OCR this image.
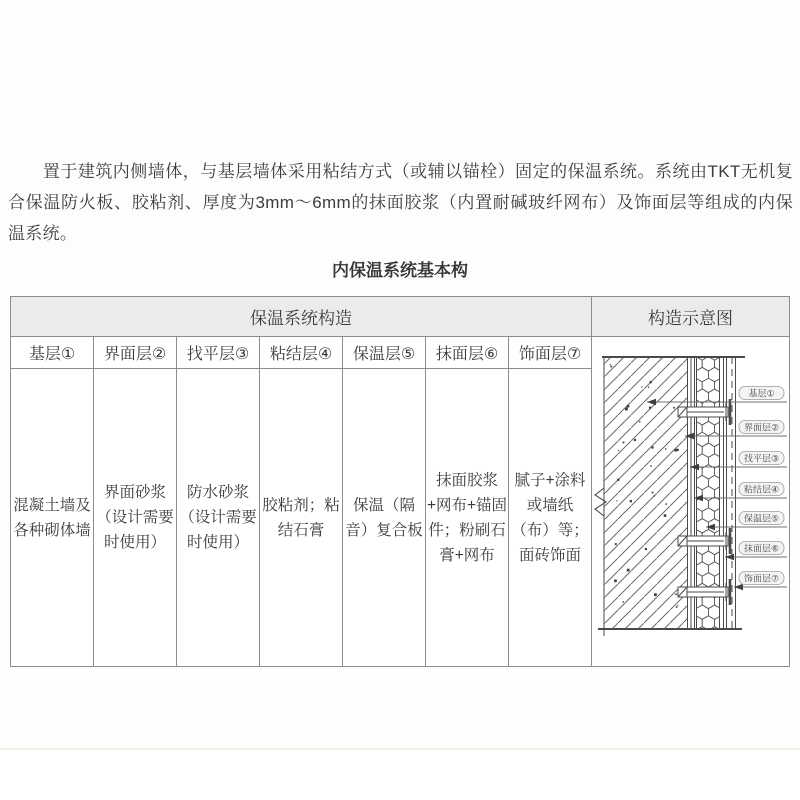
置于建筑内侧墙体，与基层墙体采用粘结方式（或辅以锚栓）固定的保温系统。系统由TKT无机复合保温防火板、胶粘剂、厚度为3mm～6mm的抹面胶浆（内置耐碱玻纤网布）及饰面层等组成的内保温系统。

内保温系统基本构
保温系统构造							构造示意图
基层①	界面层②	找平层③	粘结层④	保温层⑤	抹面层⑥	饰面层⑦	
基层①
界面层②
找平层③
粘结层④
保温层⑤
抹面层⑥
饰面层⑦

混凝土墙及各种砌体墙	界面砂浆（设计需要时使用）	防水砂浆（设计需要时使用）	胶粘剂；粘结石膏	保温（隔音）复合板	抹面胶浆+网布+锚固件；粉刷石膏+网布	腻子+涂料或墙纸（布）等；面砖饰面	
